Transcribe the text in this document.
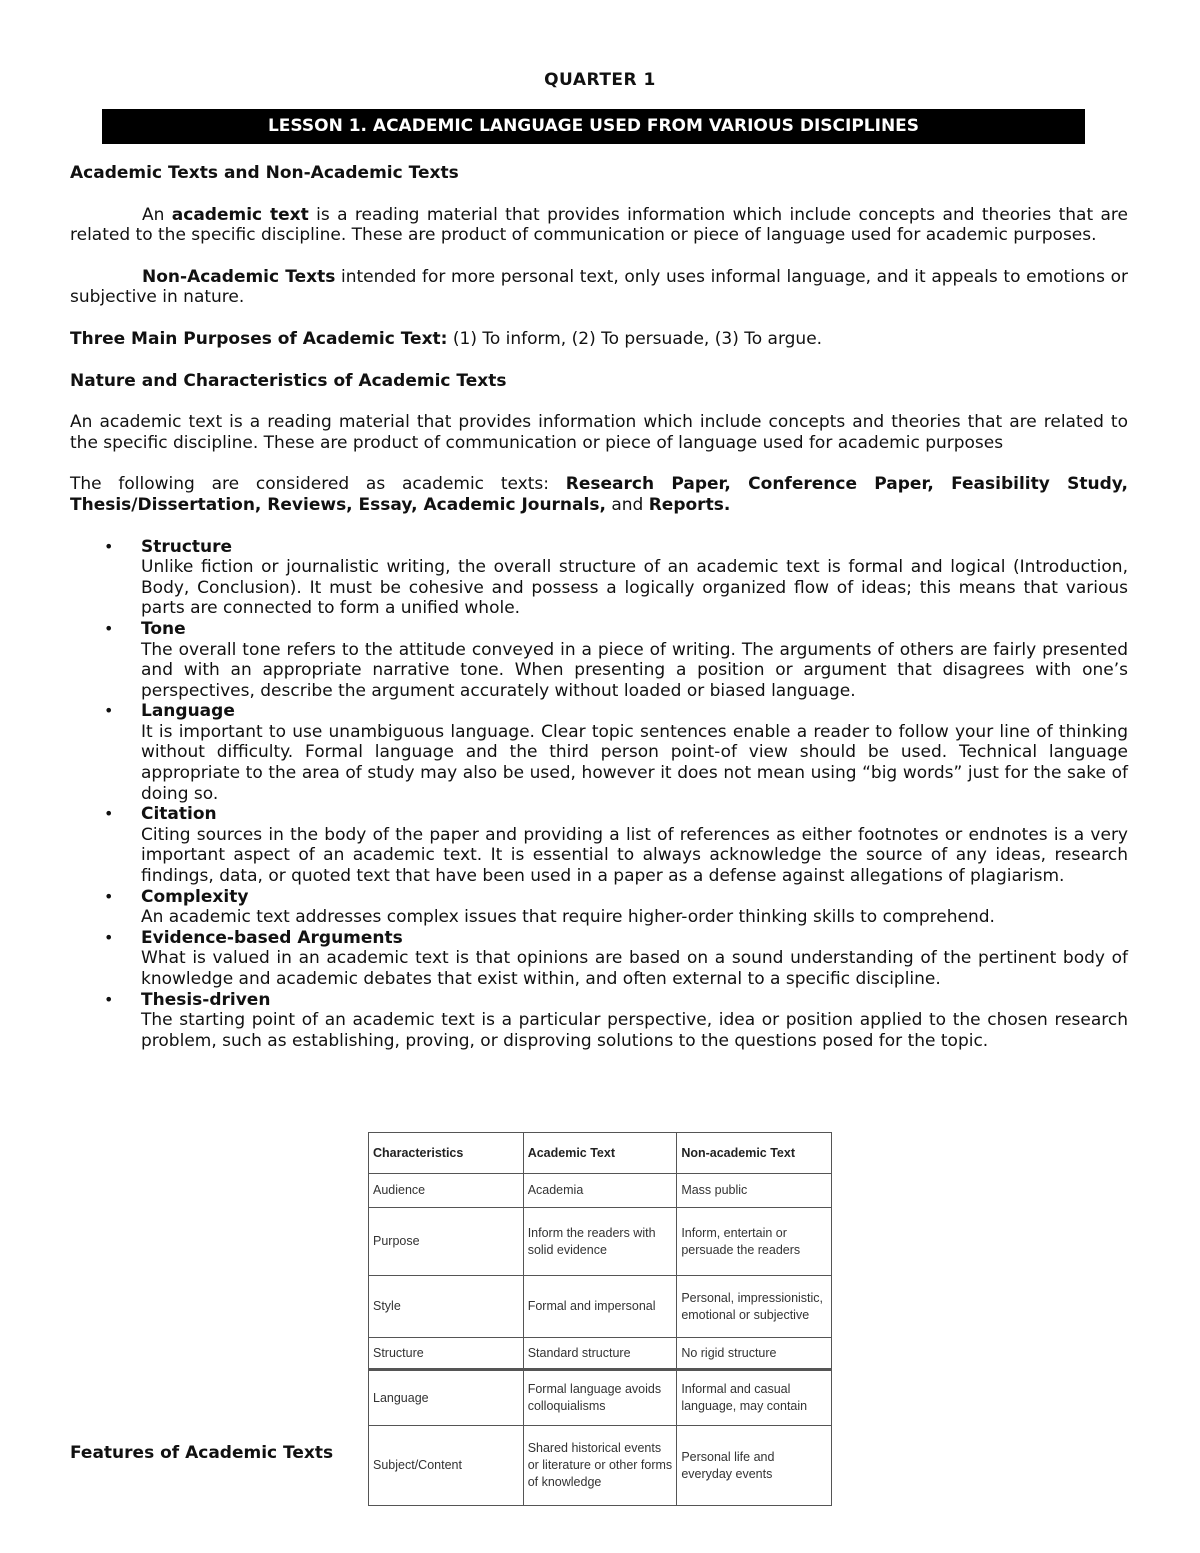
QUARTER 1
LESSON 1. ACADEMIC LANGUAGE USED FROM VARIOUS DISCIPLINES

Academic Texts and Non-Academic Texts

An academic text is a reading material that provides information which include concepts and theories that are related to the specific discipline. These are product of communication or piece of language used for academic purposes.

Non-Academic Texts intended for more personal text, only uses informal language, and it appeals to emotions or subjective in nature.

Three Main Purposes of Academic Text: (1) To inform, (2) To persuade, (3) To argue.

Nature and Characteristics of Academic Texts

An academic text is a reading material that provides information which include concepts and theories that are related to the specific discipline. These are product of communication or piece of language used for academic purposes

The following are considered as academic texts: Research Paper, Conference Paper, Feasibility Study, Thesis/Dissertation, Reviews, Essay, Academic Journals, and Reports.

• Structure
Unlike fiction or journalistic writing, the overall structure of an academic text is formal and logical (Introduction, Body, Conclusion). It must be cohesive and possess a logically organized flow of ideas; this means that various parts are connected to form a unified whole.
• Tone
The overall tone refers to the attitude conveyed in a piece of writing. The arguments of others are fairly presented and with an appropriate narrative tone. When presenting a position or argument that disagrees with one’s perspectives, describe the argument accurately without loaded or biased language.
• Language
It is important to use unambiguous language. Clear topic sentences enable a reader to follow your line of thinking without difficulty. Formal language and the third person point-of view should be used. Technical language appropriate to the area of study may also be used, however it does not mean using “big words” just for the sake of doing so.
• Citation
Citing sources in the body of the paper and providing a list of references as either footnotes or endnotes is a very important aspect of an academic text. It is essential to always acknowledge the source of any ideas, research findings, data, or quoted text that have been used in a paper as a defense against allegations of plagiarism.
• Complexity
An academic text addresses complex issues that require higher-order thinking skills to comprehend.
• Evidence-based Arguments
What is valued in an academic text is that opinions are based on a sound understanding of the pertinent body of knowledge and academic debates that exist within, and often external to a specific discipline.
• Thesis-driven
The starting point of an academic text is a particular perspective, idea or position applied to the chosen research problem, such as establishing, proving, or disproving solutions to the questions posed for the topic.
Features of Academic Texts
Characteristics	Academic Text	Non-academic Text
Audience	Academia	Mass public
Purpose	Inform the readers with solid evidence	Inform, entertain or persuade the readers
Style	Formal and impersonal	Personal, impressionistic, emotional or subjective
Structure	Standard structure	No rigid structure
Language	Formal language avoids colloquialisms	Informal and casual language, may contain
Subject/Content	Shared historical events or literature or other forms of knowledge	Personal life and everyday events
